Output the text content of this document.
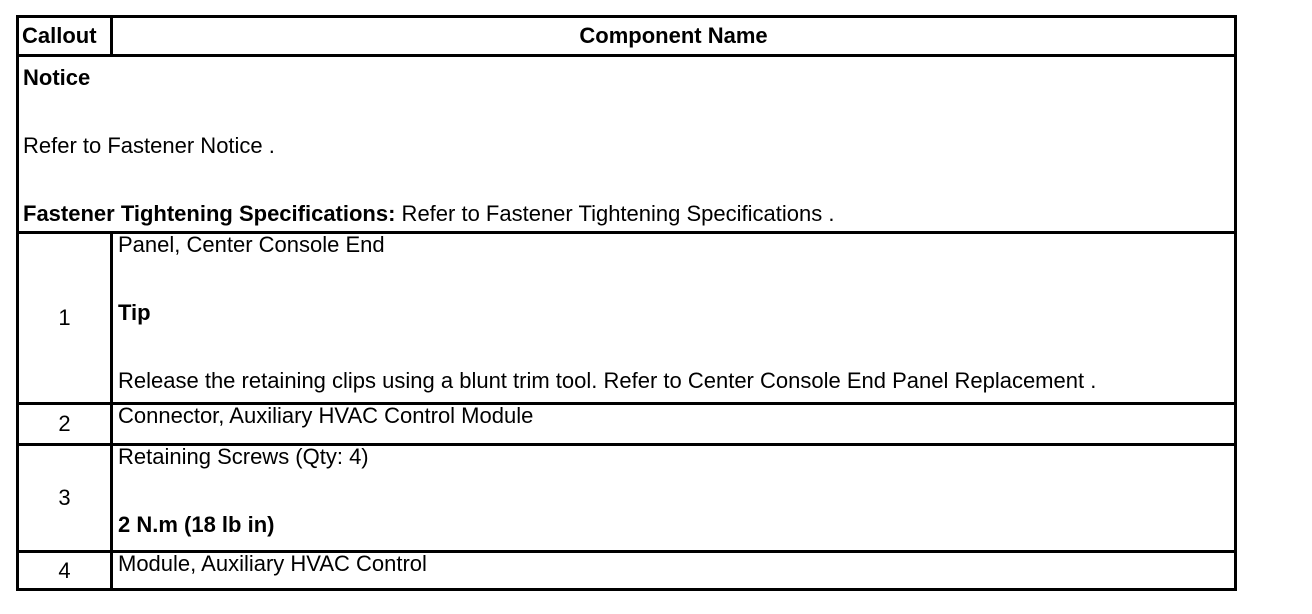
Callout	Component Name

Notice
Refer to Fastener Notice .
Fastener Tightening Specifications: Refer to Fastener Tightening Specifications .	

1	Panel, Center Console End
Tip
Release the retaining clips using a blunt trim tool. Refer to Center Console End Panel Replacement .

2	Connector, Auxiliary HVAC Control Module
3	Retaining Screws (Qty: 4)
2 N.m (18 lb in)

4	Module, Auxiliary HVAC Control
